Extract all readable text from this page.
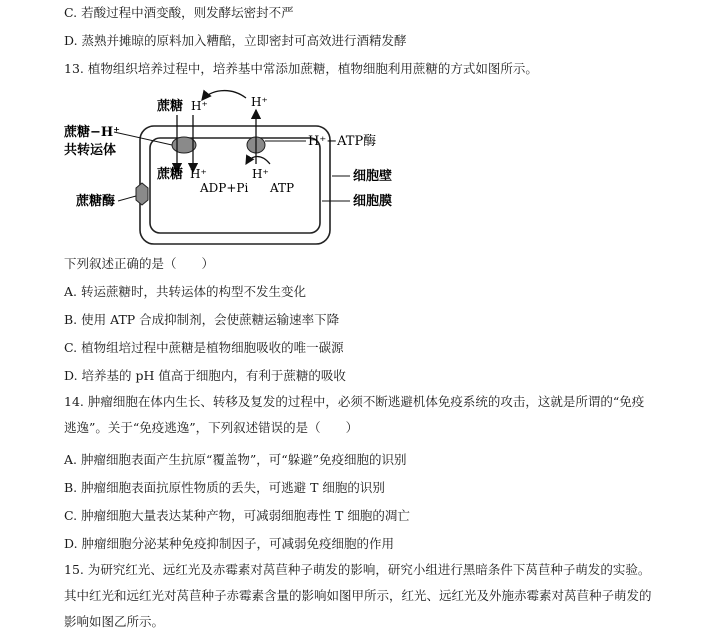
C. 若酸过程中酒变酸，则发酵坛密封不严
D. 蒸熟并摊晾的原料加入糟醅，立即密封可高效进行酒精发酵
13. 植物组织培养过程中，培养基中常添加蔗糖，植物细胞利用蔗糖的方式如图所示。
蔗糖 H⁺	H⁺
蔗糖−H⁺
共转运体
H⁺−ATP酶
蔗糖 H⁺	H⁺
ADP+Pi ATP
细胞壁
细胞膜
蔗糖酶
下列叙述正确的是（　　）
A. 转运蔗糖时，共转运体的构型不发生变化
B. 使用 ATP 合成抑制剂，会使蔗糖运输速率下降
C. 植物组培过程中蔗糖是植物细胞吸收的唯一碳源
D. 培养基的 pH 值高于细胞内，有利于蔗糖的吸收
14. 肿瘤细胞在体内生长、转移及复发的过程中，必须不断逃避机体免疫系统的攻击，这就是所谓的“免疫逃逸”。关于“免疫逃逸”，下列叙述错误的是（　　）
A. 肿瘤细胞表面产生抗原“覆盖物”，可“躲避”免疫细胞的识别
B. 肿瘤细胞表面抗原性物质的丢失，可逃避 T 细胞的识别
C. 肿瘤细胞大量表达某种产物，可减弱细胞毒性 T 细胞的凋亡
D. 肿瘤细胞分泌某种免疫抑制因子，可减弱免疫细胞的作用
15. 为研究红光、远红光及赤霉素对莴苣种子萌发的影响，研究小组进行黑暗条件下莴苣种子萌发的实验。其中红光和远红光对莴苣种子赤霉素含量的影响如图甲所示，红光、远红光及外施赤霉素对莴苣种子萌发的影响如图乙所示。
